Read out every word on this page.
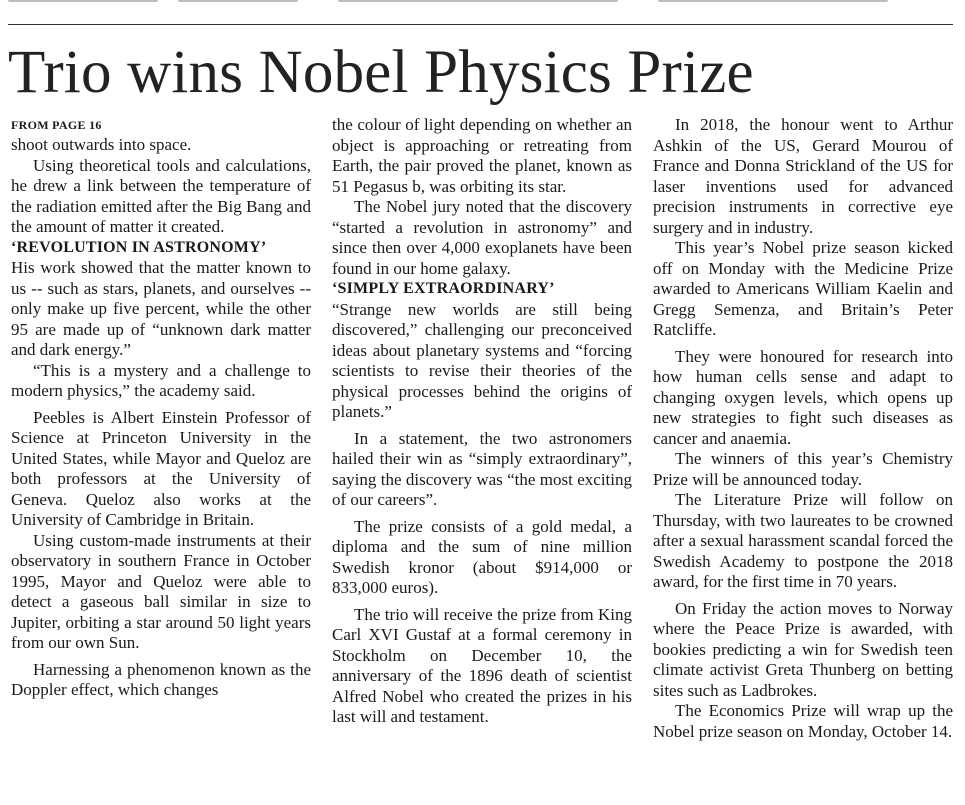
Trio wins Nobel Physics Prize

FROM PAGE 16

shoot outwards into space.

Using theoretical tools and calculations, he drew a link between the temperature of the radiation emitted after the Big Bang and the amount of matter it created.

‘REVOLUTION IN ASTRONOMY’

His work showed that the matter known to us -- such as stars, planets, and ourselves -- only make up five percent, while the other 95 are made up of “unknown dark matter and dark energy.”

“This is a mystery and a challenge to modern physics,” the academy said.

Peebles is Albert Einstein Professor of Science at Princeton University in the United States, while Mayor and Queloz are both professors at the University of Geneva. Queloz also works at the University of Cambridge in Britain.

Using custom-made instruments at their observatory in southern France in October 1995, Mayor and Queloz were able to detect a gaseous ball similar in size to Jupiter, orbiting a star around 50 light years from our own Sun.

Harnessing a phenomenon known as the Doppler effect, which changes

the colour of light depending on whether an object is approaching or retreating from Earth, the pair proved the planet, known as 51 Pegasus b, was orbiting its star.

The Nobel jury noted that the discovery “started a revolution in astronomy” and since then over 4,000 exoplanets have been found in our home galaxy.

‘SIMPLY EXTRAORDINARY’

“Strange new worlds are still being discovered,” challenging our preconceived ideas about planetary systems and “forcing scientists to revise their theories of the physical processes behind the origins of planets.”

In a statement, the two astronomers hailed their win as “simply extraordinary”, saying the discovery was “the most exciting of our careers”.

The prize consists of a gold medal, a diploma and the sum of nine million Swedish kronor (about $914,000 or 833,000 euros).

The trio will receive the prize from King Carl XVI Gustaf at a formal ceremony in Stockholm on December 10, the anniversary of the 1896 death of scientist Alfred Nobel who created the prizes in his last will and testament.

In 2018, the honour went to Arthur Ashkin of the US, Gerard Mourou of France and Donna Strickland of the US for laser inventions used for advanced precision instruments in corrective eye surgery and in industry.

This year’s Nobel prize season kicked off on Monday with the Medicine Prize awarded to Americans William Kaelin and Gregg Semenza, and Britain’s Peter Ratcliffe.

They were honoured for research into how human cells sense and adapt to changing oxygen levels, which opens up new strategies to fight such diseases as cancer and anaemia.

The winners of this year’s Chemistry Prize will be announced today.

The Literature Prize will follow on Thursday, with two laureates to be crowned after a sexual harassment scandal forced the Swedish Academy to postpone the 2018 award, for the first time in 70 years.

On Friday the action moves to Norway where the Peace Prize is awarded, with bookies predicting a win for Swedish teen climate activist Greta Thunberg on betting sites such as Ladbrokes.

The Economics Prize will wrap up the Nobel prize season on Monday, October 14.
